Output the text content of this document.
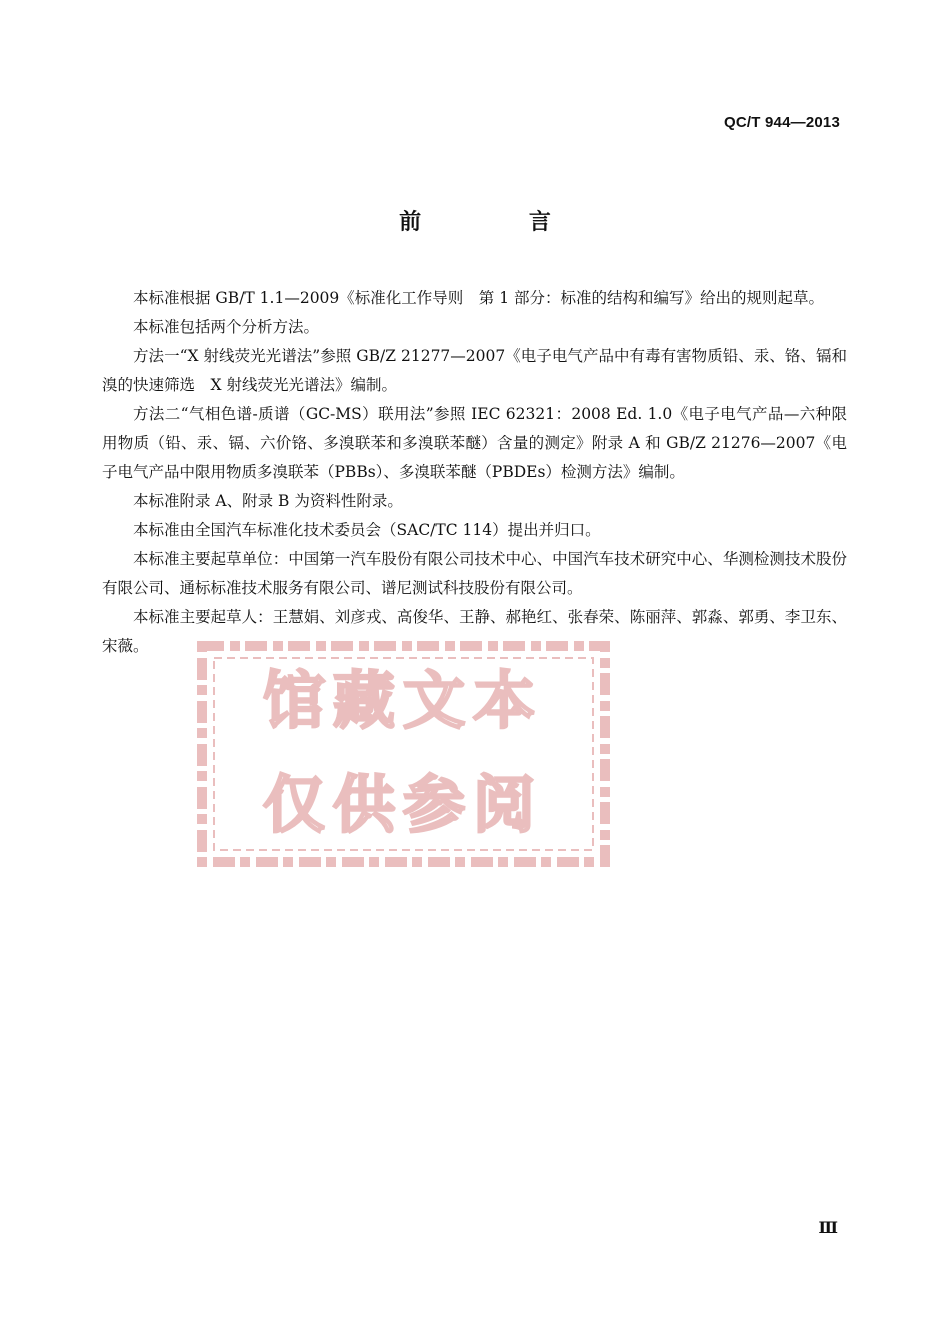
QC/T 944—2013
前 言

本标准根据 GB/T 1.1—2009《标准化工作导则　第 1 部分：标准的结构和编写》给出的规则起草。

本标准包括两个分析方法。

方法一“X 射线荧光光谱法”参照 GB/Z 21277—2007《电子电气产品中有毒有害物质铅、汞、铬、镉和溴的快速筛选　X 射线荧光光谱法》编制。

方法二“气相色谱-质谱（GC-MS）联用法”参照 IEC 62321：2008 Ed. 1.0《电子电气产品—六种限用物质（铅、汞、镉、六价铬、多溴联苯和多溴联苯醚）含量的测定》附录 A 和 GB/Z 21276—2007《电子电气产品中限用物质多溴联苯（PBBs）、多溴联苯醚（PBDEs）检测方法》编制。

本标准附录 A、附录 B 为资料性附录。

本标准由全国汽车标准化技术委员会（SAC/TC 114）提出并归口。

本标准主要起草单位：中国第一汽车股份有限公司技术中心、中国汽车技术研究中心、华测检测技术股份有限公司、通标标准技术服务有限公司、谱尼测试科技股份有限公司。

本标准主要起草人：王慧娟、刘彦戎、高俊华、王静、郝艳红、张春荣、陈丽萍、郭淼、郭勇、李卫东、宋薇。

馆藏文本
仅供参阅
Ⅲ
